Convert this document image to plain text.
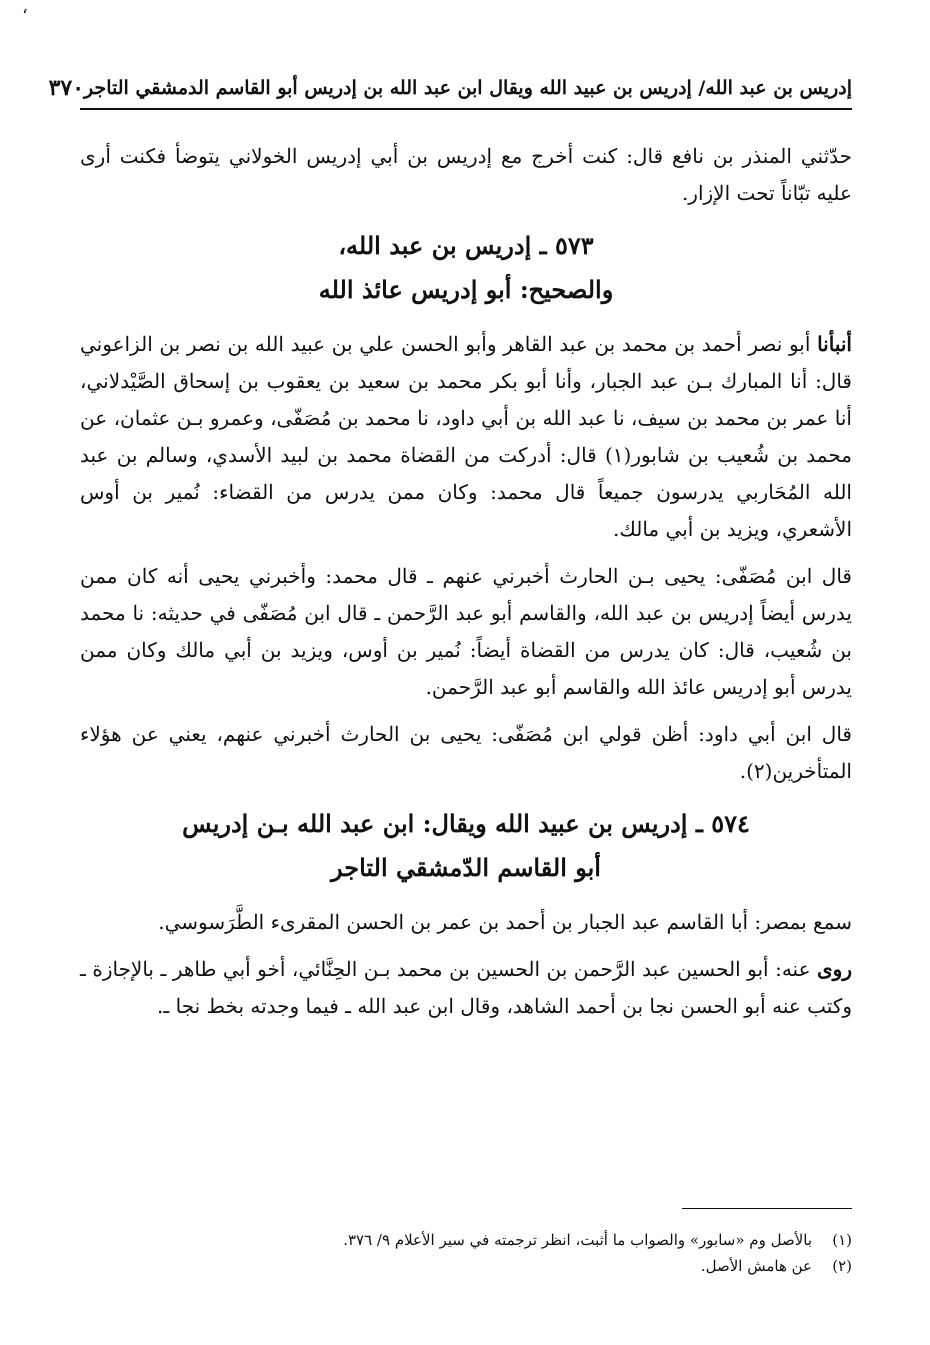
ʻ
إدريس بن عبد الله/ إدريس بن عبيد الله ويقال ابن عبد الله بن إدريس أبو القاسم الدمشقي التاجر
٣٧٠

حدّثني المنذر بن نافع قال: كنت أخرج مع إدريس بن أبي إدريس الخولاني يتوضأ فكنت أرى عليه تبّاناً تحت الإزار.

٥٧٣ ـ إدريس بن عبد الله،
والصحيح: أبو إدريس عائذ الله

أنبأنا أبو نصر أحمد بن محمد بن عبد القاهر وأبو الحسن علي بن عبيد الله بن نصر بن الزاعوني قال: أنا المبارك بـن عبد الجبار، وأنا أبو بكر محمد بن سعيد بن يعقوب بن إسحاق الصَّيْدلاني، أنا عمر بن محمد بن سيف، نا عبد الله بن أبي داود، نا محمد بن مُصَفّى، وعمرو بـن عثمان، عن محمد بن شُعيب بن شابور(١) قال: أدركت من القضاة محمد بن لبيد الأسدي، وسالم بن عبد الله المُحَاربي يدرسون جميعاً قال محمد: وكان ممن يدرس من القضاء: نُمير بن أوس الأشعري، ويزيد بن أبي مالك.

قال ابن مُصَفّى: يحيى بـن الحارث أخبرني عنهم ـ قال محمد: وأخبرني يحيى أنه كان ممن يدرس أيضاً إدريس بن عبد الله، والقاسم أبو عبد الرَّحمن ـ قال ابن مُصَفّى في حديثه: نا محمد بن شُعيب، قال: كان يدرس من القضاة أيضاً: نُمير بن أوس، ويزيد بن أبي مالك وكان ممن يدرس أبو إدريس عائذ الله والقاسم أبو عبد الرَّحمن.

قال ابن أبي داود: أظن قولي ابن مُصَفّى: يحيى بن الحارث أخبرني عنهم، يعني عن هؤلاء المتأخرين(٢).

٥٧٤ ـ إدريس بن عبيد الله ويقال: ابن عبد الله بـن إدريس
أبو القاسم الدّمشقي التاجر

سمع بمصر: أبا القاسم عبد الجبار بن أحمد بن عمر بن الحسن المقرىء الطَّرَسوسي.

روى عنه: أبو الحسين عبد الرَّحمن بن الحسين بن محمد بـن الحِنَّائي، أخو أبي طاهر ـ بالإجازة ـ وكتب عنه أبو الحسن نجا بن أحمد الشاهد، وقال ابن عبد الله ـ فيما وجدته بخط نجا ـ.

(١)
بالأصل وم «سابور» والصواب ما أثبت، انظر ترجمته في سير الأعلام ٩/ ٣٧٦.
(٢)
عن هامش الأصل.
